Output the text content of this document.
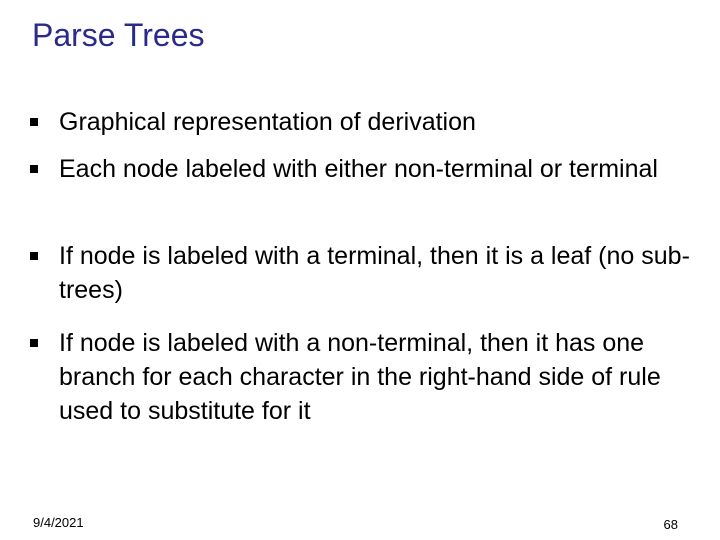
Parse Trees
Graphical representation of derivation
Each node labeled with either non-terminal or terminal
If node is labeled with a terminal, then it is a leaf (no sub-trees)
If node is labeled with a non-terminal, then it has one branch for each character in the right-hand side of rule used to substitute for it
9/4/2021	68
